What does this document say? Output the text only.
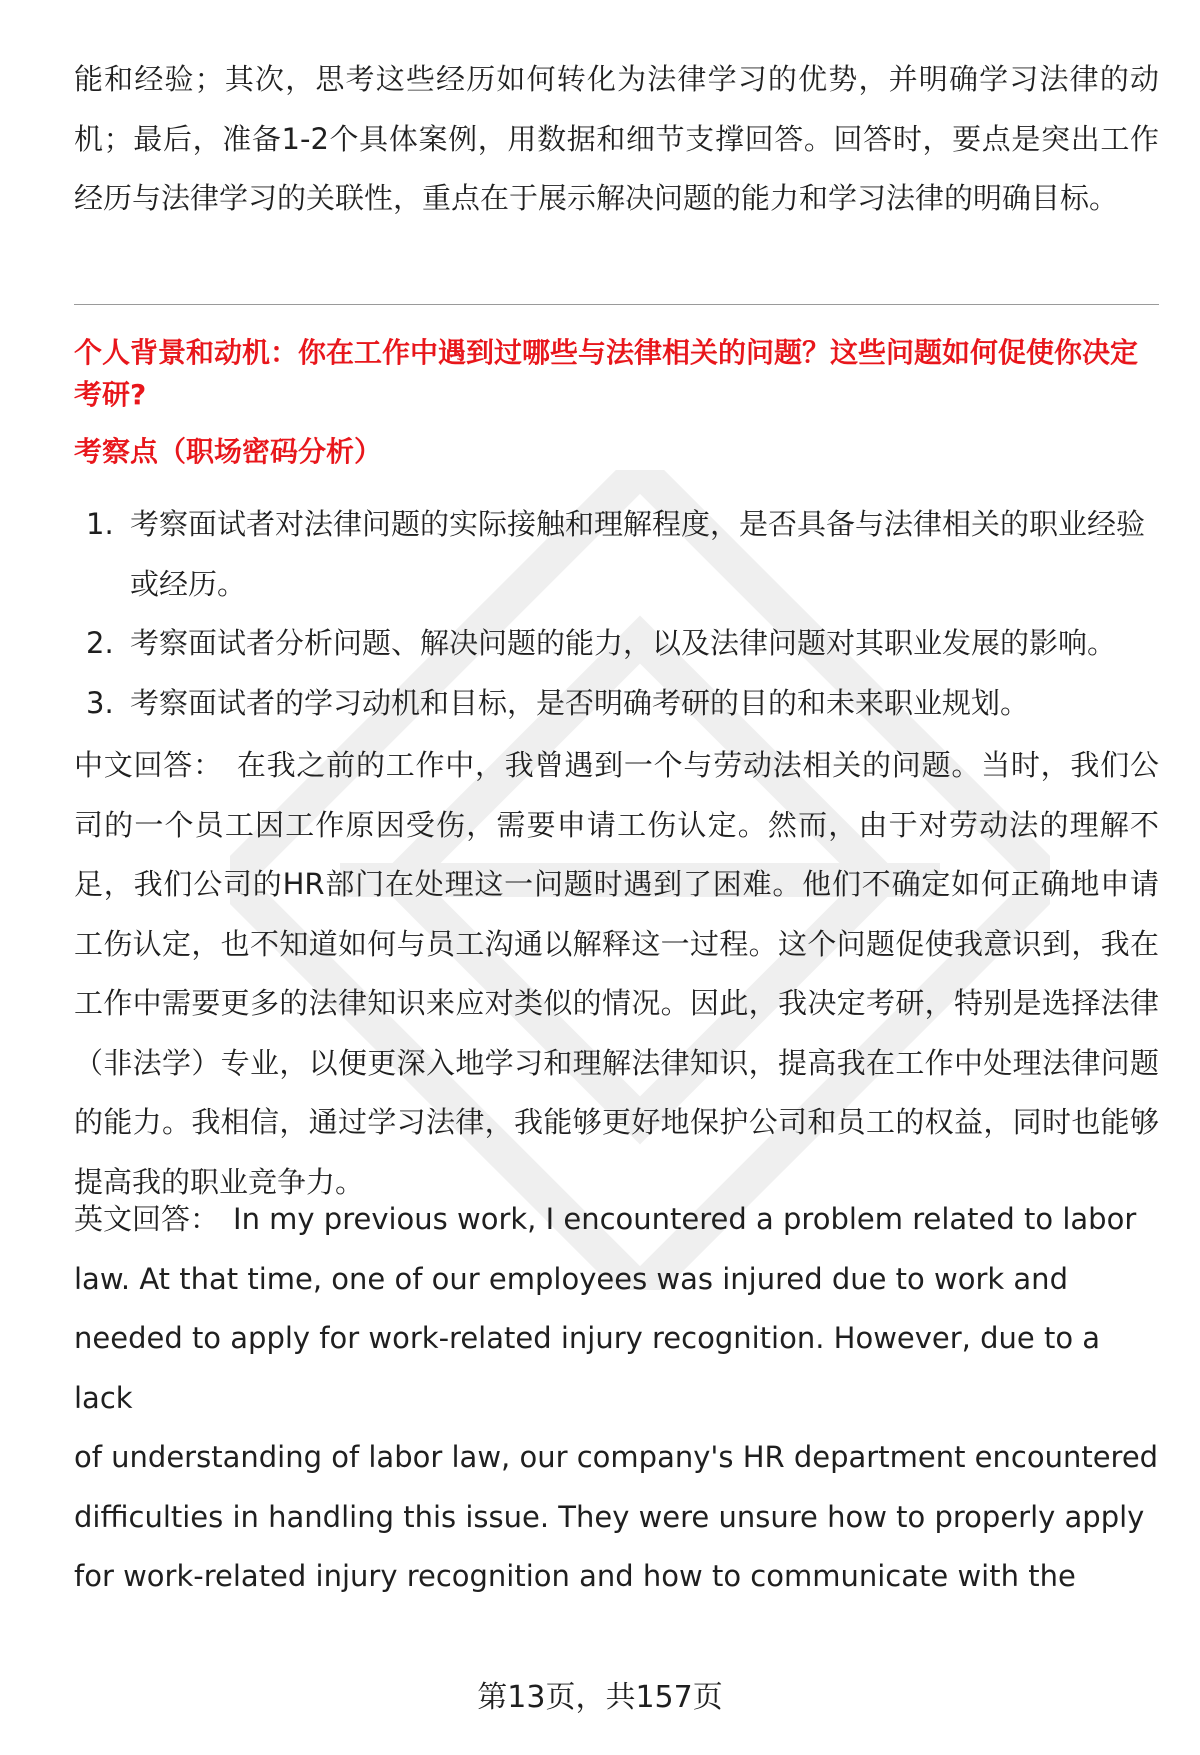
能和经验；其次，思考这些经历如何转化为法律学习的优势，并明确学习法律的动机；最后，准备1-2个具体案例，用数据和细节支撑回答。回答时，要点是突出工作经历与法律学习的关联性，重点在于展示解决问题的能力和学习法律的明确目标。

个人背景和动机：你在工作中遇到过哪些与法律相关的问题？这些问题如何促使你决定考研?

考察点（职场密码分析）

1. 考察面试者对法律问题的实际接触和理解程度，是否具备与法律相关的职业经验或经历。
2. 考察面试者分析问题、解决问题的能力，以及法律问题对其职业发展的影响。
3. 考察面试者的学习动机和目标，是否明确考研的目的和未来职业规划。

中文回答： 在我之前的工作中，我曾遇到一个与劳动法相关的问题。当时，我们公司的一个员工因工作原因受伤，需要申请工伤认定。然而，由于对劳动法的理解不足，我们公司的HR部门在处理这一问题时遇到了困难。他们不确定如何正确地申请工伤认定，也不知道如何与员工沟通以解释这一过程。这个问题促使我意识到，我在工作中需要更多的法律知识来应对类似的情况。因此，我决定考研，特别是选择法律（非法学）专业，以便更深入地学习和理解法律知识，提高我在工作中处理法律问题的能力。我相信，通过学习法律，我能够更好地保护公司和员工的权益，同时也能够提高我的职业竞争力。

英文回答： In my previous work, I encountered a problem related to labor

law. At that time, one of our employees was injured due to work and

needed to apply for work-related injury recognition. However, due to a lack

of understanding of labor law, our company's HR department encountered

difficulties in handling this issue. They were unsure how to properly apply

for work-related injury recognition and how to communicate with the

第13页，共157页
